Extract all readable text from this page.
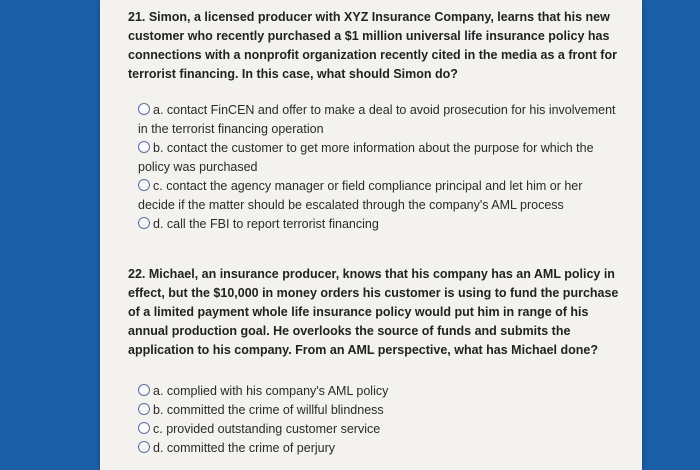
21. Simon, a licensed producer with XYZ Insurance Company, learns that his new customer who recently purchased a $1 million universal life insurance policy has connections with a nonprofit organization recently cited in the media as a front for terrorist financing. In this case, what should Simon do?
a. contact FinCEN and offer to make a deal to avoid prosecution for his involvement in the terrorist financing operation
b. contact the customer to get more information about the purpose for which the policy was purchased
c. contact the agency manager or field compliance principal and let him or her decide if the matter should be escalated through the company's AML process
d. call the FBI to report terrorist financing
22. Michael, an insurance producer, knows that his company has an AML policy in effect, but the $10,000 in money orders his customer is using to fund the purchase of a limited payment whole life insurance policy would put him in range of his annual production goal. He overlooks the source of funds and submits the application to his company. From an AML perspective, what has Michael done?
a. complied with his company's AML policy
b. committed the crime of willful blindness
c. provided outstanding customer service
d. committed the crime of perjury
